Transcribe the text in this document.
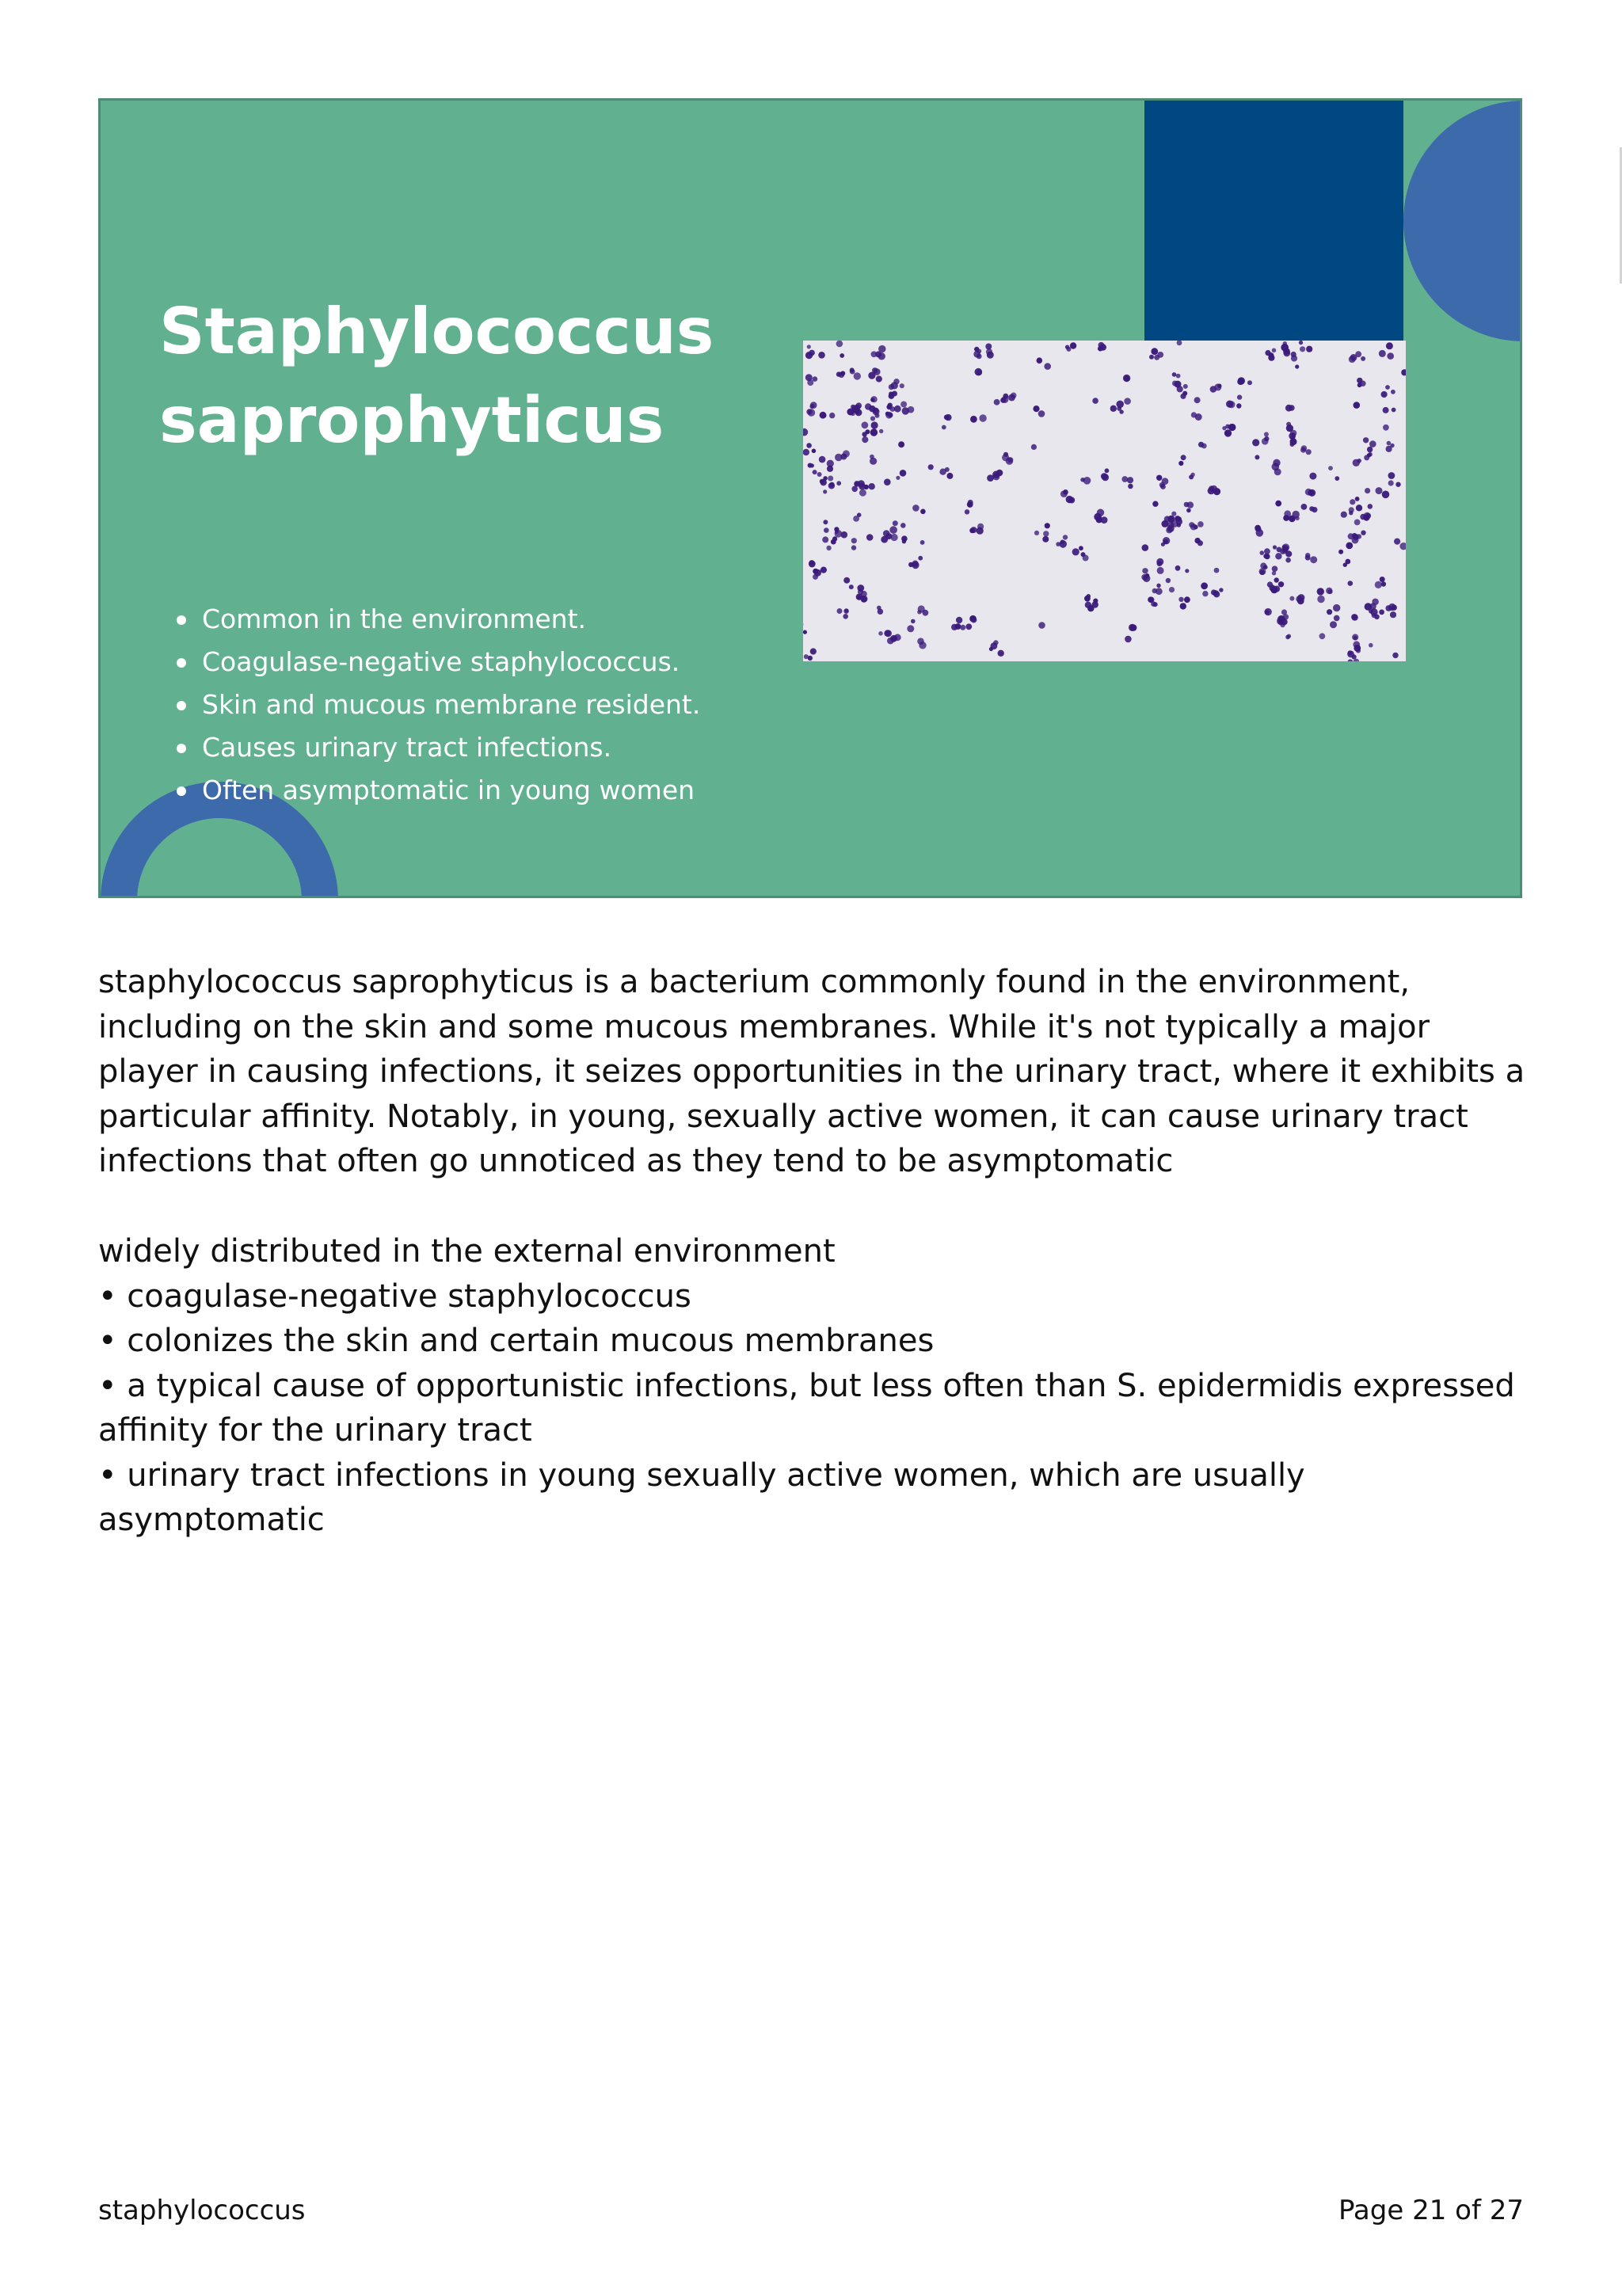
Staphylococcus saprophyticus
Common in the environment.
Coagulase-negative staphylococcus.
Skin and mucous membrane resident.
Causes urinary tract infections.
Often asymptomatic in young women

staphylococcus saprophyticus is a bacterium commonly found in the environment, including on the skin and some mucous membranes. While it's not typically a major player in causing infections, it seizes opportunities in the urinary tract, where it exhibits a particular affinity. Notably, in young, sexually active women, it can cause urinary tract infections that often go unnoticed as they tend to be asymptomatic

widely distributed in the external environment
• coagulase-negative staphylococcus
• colonizes the skin and certain mucous membranes
• a typical cause of opportunistic infections, but less often than S. epidermidis expressed affinity for the urinary tract
• urinary tract infections in young sexually active women, which are usually asymptomatic
staphylococcus	Page 21 of 27
